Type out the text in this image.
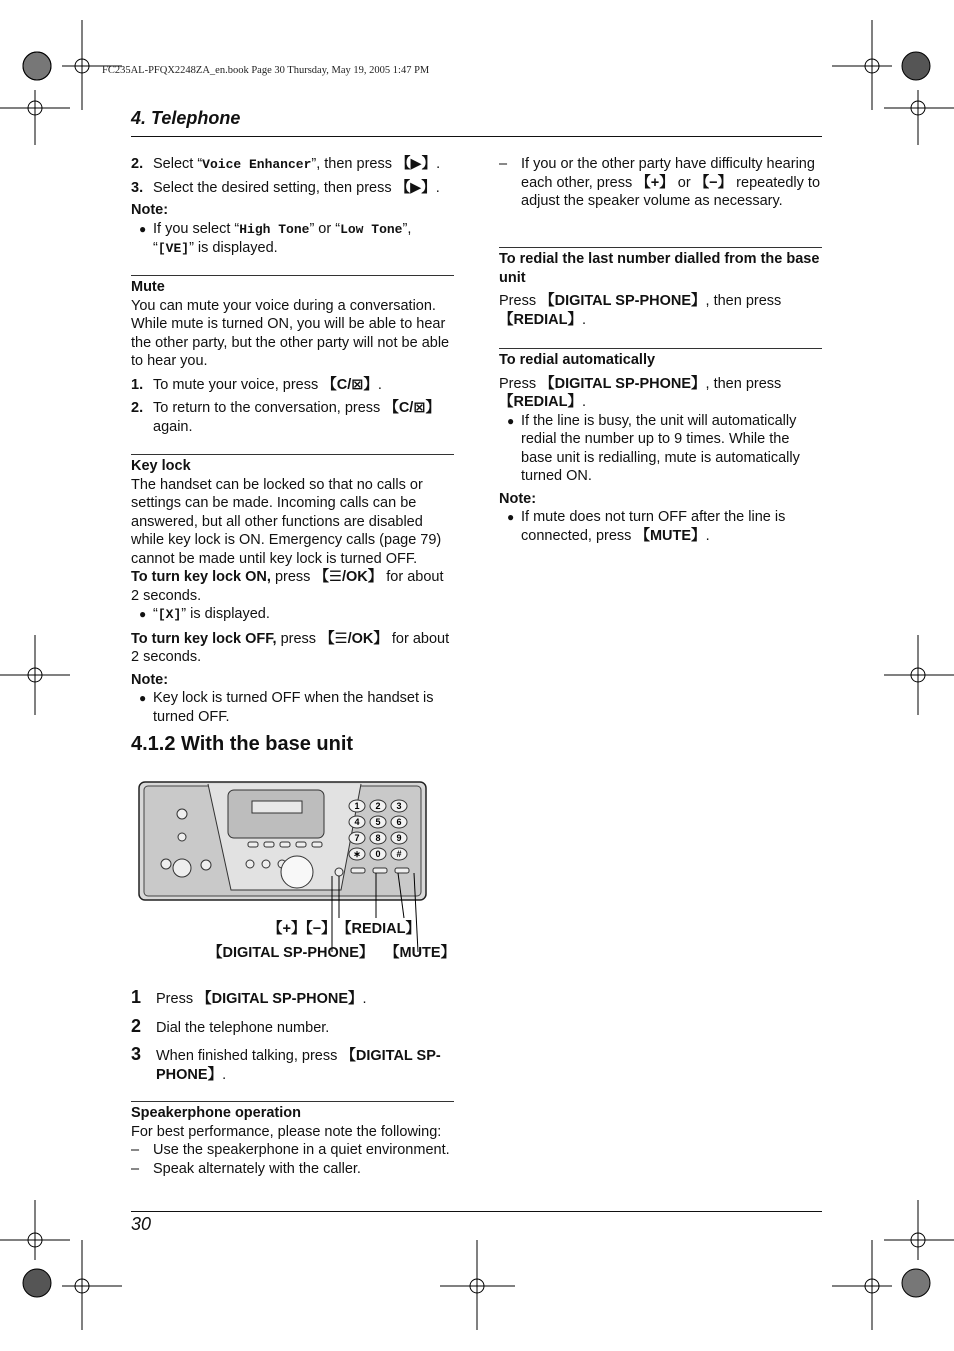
FC235AL-PFQX2248ZA_en.book Page 30 Thursday, May 19, 2005 1:47 PM
4. Telephone
2. Select “Voice Enhancer”, then press 【▶】.
3. Select the desired setting, then press 【▶】.
Note:
● If you select “High Tone” or “Low Tone”,
“[VE]” is displayed.
Mute

You can mute your voice during a conversation. While mute is turned ON, you will be able to hear the other party, but the other party will not be able to hear you.

1. To mute your voice, press 【C/⊠】.
2. To return to the conversation, press 【C/⊠】
again.
Key lock

The handset can be locked so that no calls or settings can be made. Incoming calls can be answered, but all other functions are disabled while key lock is ON. Emergency calls (page 79) cannot be made until key lock is turned OFF.

To turn key lock ON, press 【☰/OK】 for about 2 seconds.

● “[X]” is displayed.

To turn key lock OFF, press 【☰/OK】 for about 2 seconds.

Note:
● Key lock is turned OFF when the handset is turned OFF.
4.1.2 With the base unit
1 2 3
4 5 6
7 8 9
∗ 0 #
【+】【−】 【REDIAL】
【DIGITAL SP-PHONE】 【MUTE】
1 Press 【DIGITAL SP-PHONE】.
2 Dial the telephone number.
3 When finished talking, press 【DIGITAL SP-PHONE】.
Speakerphone operation

For best performance, please note the following:

– Use the speakerphone in a quiet environment.
– Speak alternately with the caller.
– If you or the other party have difficulty hearing each other, press 【+】 or 【−】 repeatedly to adjust the speaker volume as necessary.
To redial the last number dialled from the base unit

Press 【DIGITAL SP-PHONE】, then press 【REDIAL】.

To redial automatically

Press 【DIGITAL SP-PHONE】, then press 【REDIAL】.

● If the line is busy, the unit will automatically redial the number up to 9 times. While the base unit is redialling, mute is automatically turned ON.
Note:
● If mute does not turn OFF after the line is connected, press 【MUTE】.
30
